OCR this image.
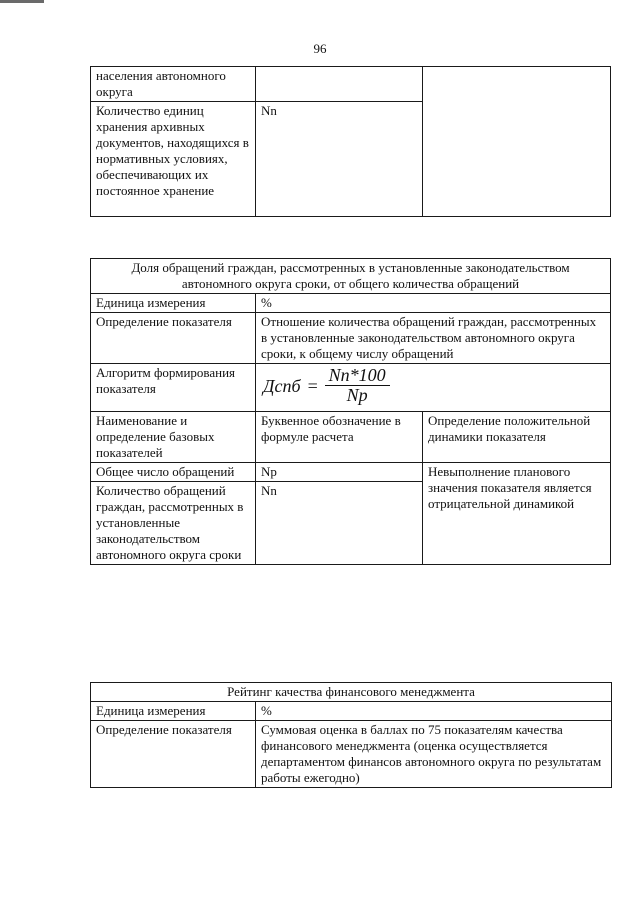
96
населения автономного округа		
Количество единиц хранения архивных документов, находящихся в нормативных условиях, обеспечивающих их постоянное хранение	Nn	
Доля обращений граждан, рассмотренных в установленные законодательством автономного округа сроки, от общего количества обращений		
Единица измерения	%	
Определение показателя	Отношение количества обращений граждан, рассмотренных в установленные законодательством автономного округа сроки, к общему числу обращений	
Алгоритм формирования показателя	Дспб = $\frac{Nn*100}{Np}$

Наименование и определение базовых показателей	Буквенное обозначение в формуле расчета	Определение положительной динамики показателя
Общее число обращений	Np	Невыполнение планового значения показателя является отрицательной динамикой
Количество обращений граждан, рассмотренных в установленные законодательством автономного округа сроки	Nn	
Рейтинг качества финансового менеджмента	
Единица измерения	%
Определение показателя	Суммовая оценка в баллах по 75 показателям качества финансового менеджмента (оценка осуществляется департаментом финансов автономного округа по результатам работы ежегодно)
